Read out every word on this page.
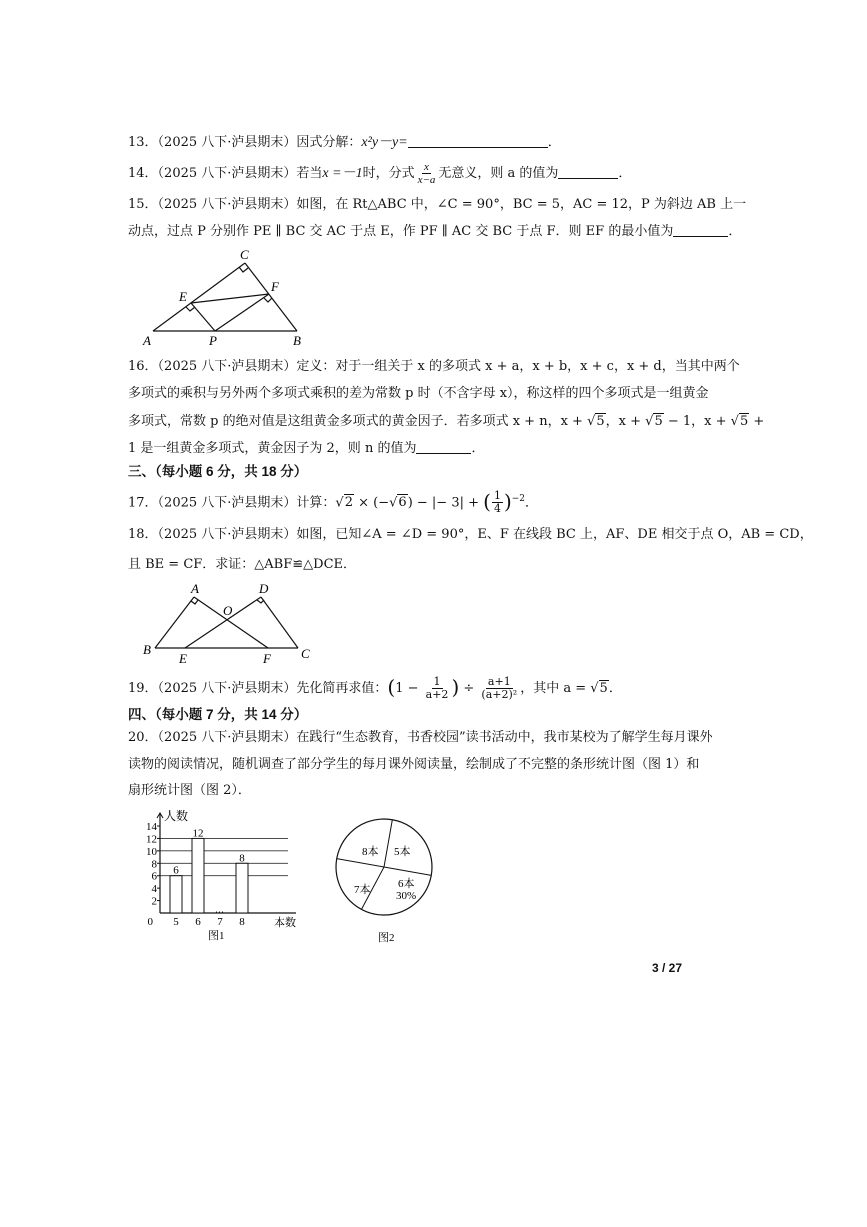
13．（2025 八下·泸县期末）因式分解：x²y－y=	．
14．（2025 八下·泸县期末）若当x =－1时，分式 $\frac{x}{x-a}$ 无意义，则 a 的值为	．
15．（2025 八下·泸县期末）如图，在 Rt△ABC 中，∠C = 90°，BC = 5，AC = 12，P 为斜边 AB 上一
动点，过点 P 分别作 PE ∥ BC 交 AC 于点 E，作 PF ∥ AC 交 BC 于点 F．则 EF 的最小值为	．
A	B
C
E
F
P
16．（2025 八下·泸县期末）定义：对于一组关于 x 的多项式 x + a，x + b，x + c，x + d，当其中两个
多项式的乘积与另外两个多项式乘积的差为常数 p 时（不含字母 x），称这样的四个多项式是一组黄金
多项式，常数 p 的绝对值是这组黄金多项式的黄金因子．若多项式 x + n，x + √5，x + √5 − 1，x + √5 +
1 是一组黄金多项式，黄金因子为 2，则 n 的值为	．
三、（每小题 6 分，共 18 分）
17．（2025 八下·泸县期末）计算：√2 × (−√6) − |− 3| + ( $\frac{1}{4} )^{-2}$．
18．（2025 八下·泸县期末）如图，已知∠A = ∠D = 90°，E、F 在线段 BC 上，AF、DE 相交于点 O，AB = CD，
且 BE = CF．求证：△ABF≌△DCE．
B
A	D
O
E	F C
19．（2025 八下·泸县期末）先化简再求值：($1 - \frac{1}{a+2}$ ) ÷ $\frac{a+1}{\text{(a+2)²}}$ ，其中 a = √5．
四、（每小题 7 分，共 14 分）
20．（2025 八下·泸县期末）在践行“生态教育，书香校园”读书活动中，我市某校为了解学生每月课外
读物的阅读情况，随机调查了部分学生的每月课外阅读量，绘制成了不完整的条形统计图（图 1）和
扇形统计图（图 2）．
0
2
4
6
8
10
12
14
人数
6
5
12
6 7
8
8	本数
图1
8本 5本
6本 30%
7本
图2
3 / 27
